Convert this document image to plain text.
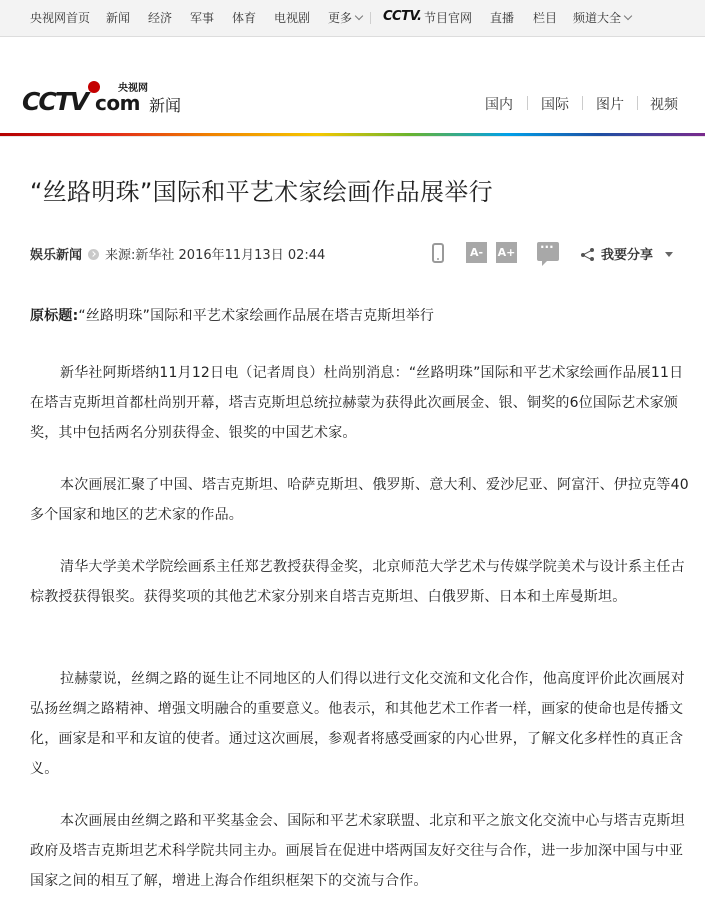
央视网首页 新闻 经济 军事 体育 电视剧 更多	CCTV. 节目官网 直播 栏目 频道大全
CCTV	央视网
com 新闻	国内 国际 图片 视频
“丝路明珠”国际和平艺术家绘画作品展举行
娱乐新闻 来源:新华社 2016年11月13日 02:44	A-	A+
···	我要分享

原标题:“丝路明珠”国际和平艺术家绘画作品展在塔吉克斯坦举行

新华社阿斯塔纳11月12日电（记者周良）杜尚别消息：“丝路明珠”国际和平艺术家绘画作品展11日在塔吉克斯坦首都杜尚别开幕，塔吉克斯坦总统拉赫蒙为获得此次画展金、银、铜奖的6位国际艺术家颁奖，其中包括两名分别获得金、银奖的中国艺术家。

本次画展汇聚了中国、塔吉克斯坦、哈萨克斯坦、俄罗斯、意大利、爱沙尼亚、阿富汗、伊拉克等40多个国家和地区的艺术家的作品。

清华大学美术学院绘画系主任郑艺教授获得金奖，北京师范大学艺术与传媒学院美术与设计系主任古棕教授获得银奖。获得奖项的其他艺术家分别来自塔吉克斯坦、白俄罗斯、日本和土库曼斯坦。

拉赫蒙说，丝绸之路的诞生让不同地区的人们得以进行文化交流和文化合作，他高度评价此次画展对弘扬丝绸之路精神、增强文明融合的重要意义。他表示，和其他艺术工作者一样，画家的使命也是传播文化，画家是和平和友谊的使者。通过这次画展，参观者将感受画家的内心世界，了解文化多样性的真正含义。

本次画展由丝绸之路和平奖基金会、国际和平艺术家联盟、北京和平之旅文化交流中心与塔吉克斯坦政府及塔吉克斯坦艺术科学院共同主办。画展旨在促进中塔两国友好交往与合作，进一步加深中国与中亚国家之间的相互了解，增进上海合作组织框架下的交流与合作。
